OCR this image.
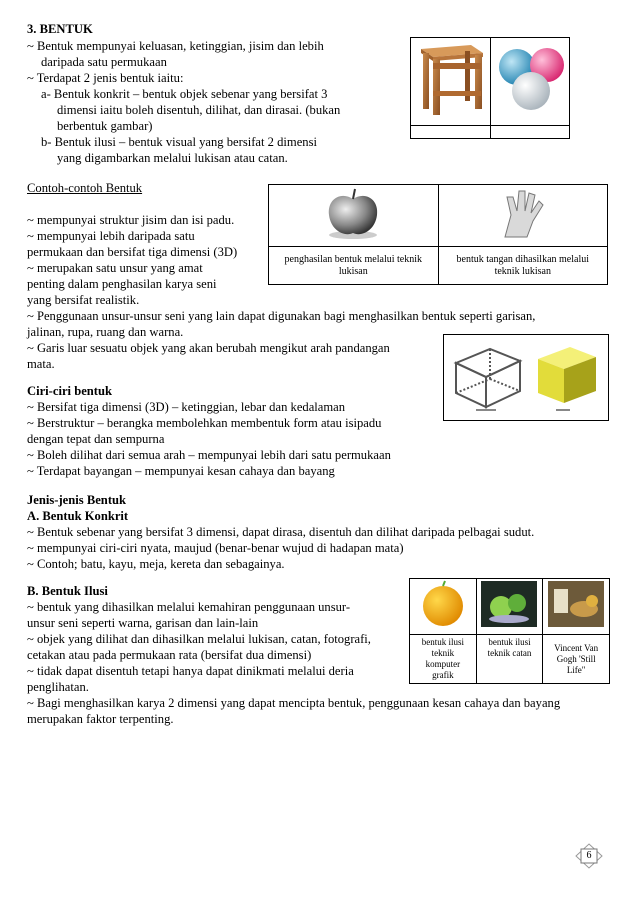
3. BENTUK
~ Bentuk mempunyai keluasan, ketinggian, jisim dan lebih
daripada satu permukaan
~ Terdapat 2 jenis bentuk iaitu:
a- Bentuk konkrit – bentuk objek sebenar yang bersifat 3
dimensi iaitu boleh disentuh, dilihat, dan dirasai. (bukan
berbentuk gambar)
b- Bentuk ilusi – bentuk visual yang bersifat 2 dimensi
yang digambarkan melalui lukisan atau catan.

Contoh-contoh Bentuk
~ mempunyai struktur jisim dan isi padu.
~ mempunyai lebih daripada satu
permukaan dan bersifat tiga dimensi (3D)
~ merupakan satu unsur yang amat
penting dalam penghasilan karya seni
yang bersifat realistik.
~ Penggunaan unsur-unsur seni yang lain dapat digunakan bagi menghasilkan bentuk seperti garisan,
jalinan, rupa, ruang dan warna.
~ Garis luar sesuatu objek yang akan berubah mengikut arah pandangan
mata.

penghasilan bentuk melalui teknik lukisan	bentuk tangan dihasilkan melalui teknik lukisan
Ciri-ciri bentuk
~ Bersifat tiga dimensi (3D) – ketinggian, lebar dan kedalaman
~ Berstruktur – berangka membolehkan membentuk form atau isipadu
dengan tepat dan sempurna
~ Boleh dilihat dari semua arah – mempunyai lebih dari satu permukaan
~ Terdapat bayangan – mempunyai kesan cahaya dan bayang
Jenis-jenis Bentuk
A. Bentuk Konkrit
~ Bentuk sebenar yang bersifat 3 dimensi, dapat dirasa, disentuh dan dilihat daripada pelbagai sudut.
~ mempunyai ciri-ciri nyata, maujud (benar-benar wujud di hadapan mata)
~ Contoh; batu, kayu, meja, kereta dan sebagainya.
B. Bentuk Ilusi
~ bentuk yang dihasilkan melalui kemahiran penggunaan unsur-
unsur seni seperti warna, garisan dan lain-lain
~ objek yang dilihat dan dihasilkan melalui lukisan, catan, fotografi,
cetakan atau pada permukaan rata (bersifat dua dimensi)
~ tidak dapat disentuh tetapi hanya dapat dinikmati melalui deria
penglihatan.
~ Bagi menghasilkan karya 2 dimensi yang dapat mencipta bentuk, penggunaan kesan cahaya dan bayang
merupakan faktor terpenting.

bentuk ilusi teknik komputer grafik	bentuk ilusi teknik catan	Vincent Van Gogh 'Still Life"
6
